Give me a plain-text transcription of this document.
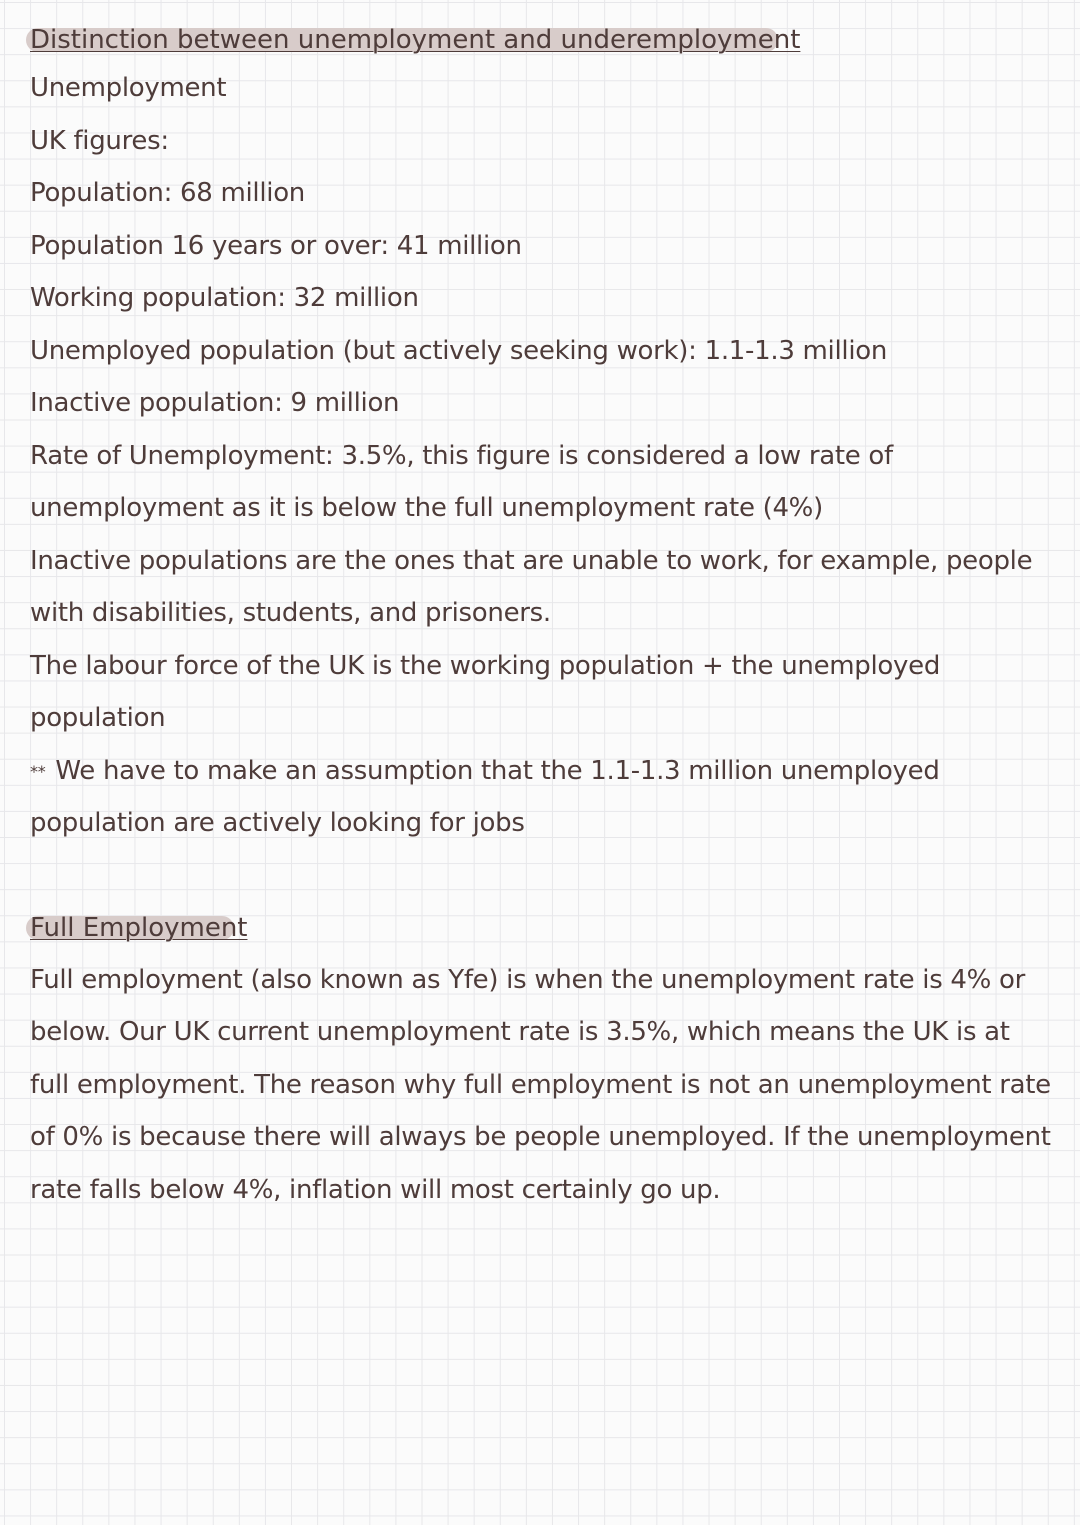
Distinction between unemployment and underemployment
Unemployment
UK figures:
Population: 68 million
Population 16 years or over: 41 million
Working population: 32 million
Unemployed population (but actively seeking work): 1.1-1.3 million
Inactive population: 9 million
Rate of Unemployment: 3.5%, this figure is considered a low rate of
unemployment as it is below the full unemployment rate (4%)
Inactive populations are the ones that are unable to work, for example, people
with disabilities, students, and prisoners.
The labour force of the UK is the working population + the unemployed
population
** We have to make an assumption that the 1.1-1.3 million unemployed
population are actively looking for jobs
Full Employment
Full employment (also known as Yfe) is when the unemployment rate is 4% or
below. Our UK current unemployment rate is 3.5%, which means the UK is at
full employment. The reason why full employment is not an unemployment rate
of 0% is because there will always be people unemployed. If the unemployment
rate falls below 4%, inflation will most certainly go up.
